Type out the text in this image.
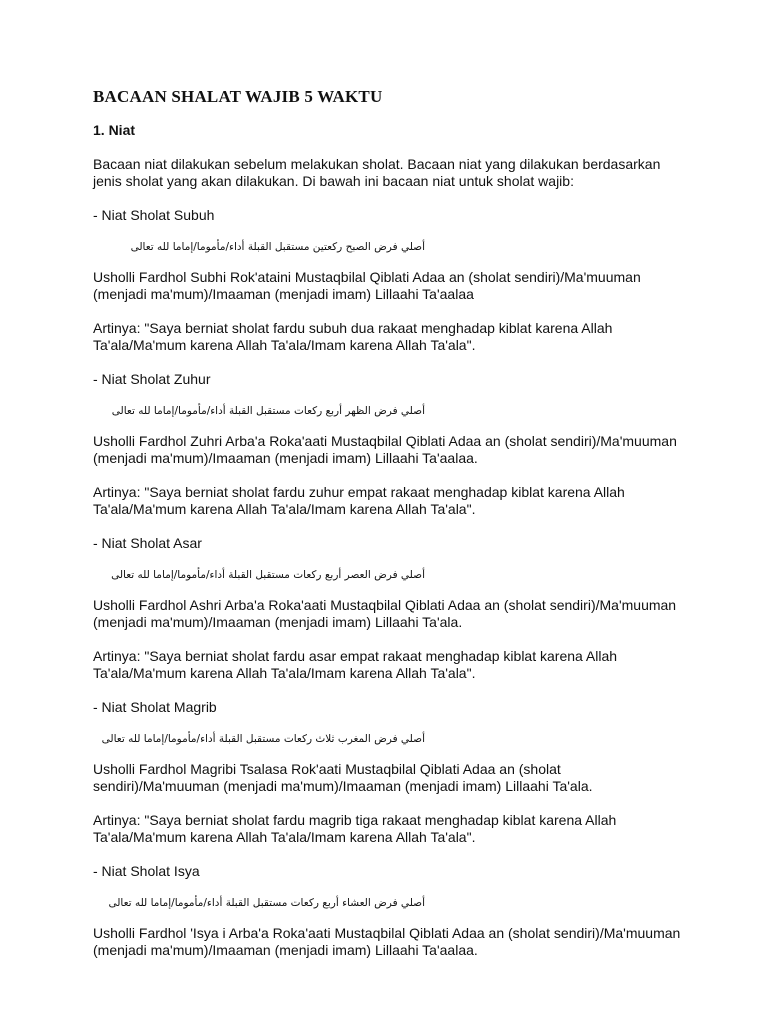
BACAAN SHALAT WAJIB 5 WAKTU
1. Niat

Bacaan niat dilakukan sebelum melakukan sholat. Bacaan niat yang dilakukan berdasarkan jenis sholat yang akan dilakukan. Di bawah ini bacaan niat untuk sholat wajib:

- Niat Sholat Subuh

أصلي فرض الصبح ركعتين مستقبل القبلة أداء/مأموما/إماما لله تعالى

Usholli Fardhol Subhi Rok'ataini Mustaqbilal Qiblati Adaa an (sholat sendiri)/Ma'muuman (menjadi ma'mum)/Imaaman (menjadi imam) Lillaahi Ta'aalaa

Artinya: "Saya berniat sholat fardu subuh dua rakaat menghadap kiblat karena Allah Ta'ala/Ma'mum karena Allah Ta'ala/Imam karena Allah Ta'ala".

- Niat Sholat Zuhur

أصلي فرض الظهر أربع ركعات مستقبل القبلة أداء/مأموما/إماما لله تعالى

Usholli Fardhol Zuhri Arba'a Roka'aati Mustaqbilal Qiblati Adaa an (sholat sendiri)/Ma'muuman (menjadi ma'mum)/Imaaman (menjadi imam) Lillaahi Ta'aalaa.

Artinya: "Saya berniat sholat fardu zuhur empat rakaat menghadap kiblat karena Allah Ta'ala/Ma'mum karena Allah Ta'ala/Imam karena Allah Ta'ala".

- Niat Sholat Asar

أصلي فرض العصر أربع ركعات مستقبل القبلة أداء/مأموما/إماما لله تعالى

Usholli Fardhol Ashri Arba'a Roka'aati Mustaqbilal Qiblati Adaa an (sholat sendiri)/Ma'muuman (menjadi ma'mum)/Imaaman (menjadi imam) Lillaahi Ta'ala.

Artinya: "Saya berniat sholat fardu asar empat rakaat menghadap kiblat karena Allah Ta'ala/Ma'mum karena Allah Ta'ala/Imam karena Allah Ta'ala".

- Niat Sholat Magrib

أصلي فرض المغرب ثلاث ركعات مستقبل القبلة أداء/مأموما/إماما لله تعالى

Usholli Fardhol Magribi Tsalasa Rok'aati Mustaqbilal Qiblati Adaa an (sholat sendiri)/Ma'muuman (menjadi ma'mum)/Imaaman (menjadi imam) Lillaahi Ta'ala.

Artinya: "Saya berniat sholat fardu magrib tiga rakaat menghadap kiblat karena Allah Ta'ala/Ma'mum karena Allah Ta'ala/Imam karena Allah Ta'ala".

- Niat Sholat Isya

أصلي فرض العشاء أربع ركعات مستقبل القبلة أداء/مأموما/إماما لله تعالى

Usholli Fardhol 'Isya i Arba'a Roka'aati Mustaqbilal Qiblati Adaa an (sholat sendiri)/Ma'muuman (menjadi ma'mum)/Imaaman (menjadi imam) Lillaahi Ta'aalaa.
